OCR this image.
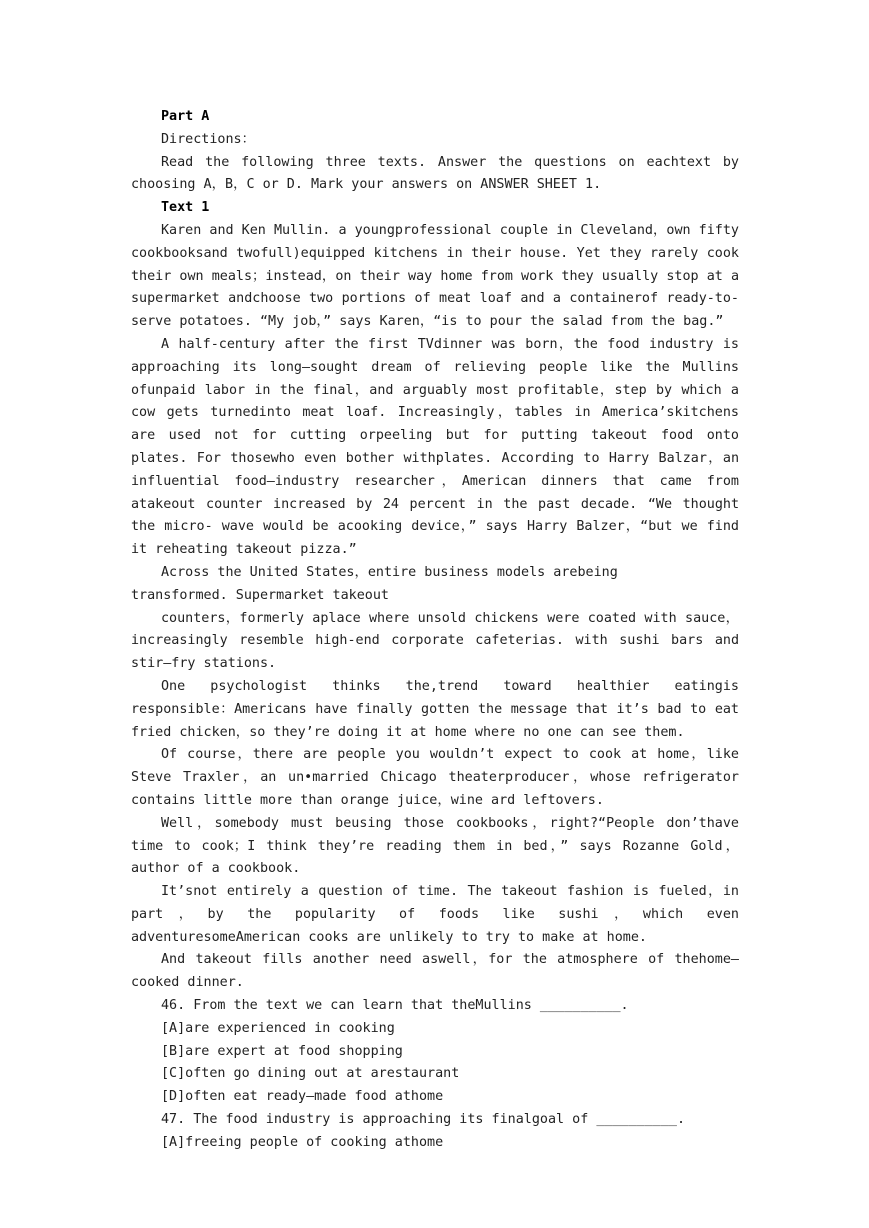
Part A

Directions：

Read the following three texts. Answer the questions on eachtext by choosing A，B，C or D. Mark your answers on ANSWER SHEET 1.

Text 1

Karen and Ken Mullin. a youngprofessional couple in Cleveland，own fifty cookbooksand twofull)equipped kitchens in their house. Yet they rarely cook their own meals；instead，on their way home from work they usually stop at a supermarket andchoose two portions of meat loaf and a containerof ready-to-serve potatoes. “My job，” says Karen，“is to pour the salad from the bag.”

A half-century after the first TVdinner was born，the food industry is approaching its long—sought dream of relieving people like the Mullins ofunpaid labor in the final，and arguably most profitable，step by which a cow gets turnedinto meat loaf. Increasingly，tables in America’skitchens are used not for cutting orpeeling but for putting takeout food onto plates. For thosewho even bother withplates. According to Harry Balzar，an influential food—industry researcher，American dinners that came from atakeout counter increased by 24 percent in the past decade. “We thought the micro- wave would be acooking device，” says Harry Balzer，“but we find it reheating takeout pizza.”

Across the United States，entire business models arebeing

transformed. Supermarket takeout

counters，formerly aplace where unsold chickens were coated with sauce，increasingly resemble high-end corporate cafeterias. with sushi bars and stir—fry stations.

One psychologist thinks the,trend toward healthier eatingis responsible：Americans have finally gotten the message that it’s bad to eat fried chicken，so they’re doing it at home where no one can see them.

Of course，there are people you wouldn’t expect to cook at home，like Steve Traxler，an un•married Chicago theaterproducer，whose refrigerator contains little more than orange juice，wine ard leftovers.

Well，somebody must beusing those cookbooks，right?“People don’thave time to cook；I think they’re reading them in bed，” says Rozanne Gold，author of a cookbook.

It’snot entirely a question of time. The takeout fashion is fueled，in part，by the popularity of foods like sushi，which even adventuresomeAmerican cooks are unlikely to try to make at home.

And takeout fills another need aswell，for the atmosphere of thehome—cooked dinner.

46. From the text we can learn that theMullins __________.

[A]are experienced in cooking

[B]are expert at food shopping

[C]often go dining out at arestaurant

[D]often eat ready—made food athome

47. The food industry is approaching its finalgoal of __________.

[A]freeing people of cooking athome
